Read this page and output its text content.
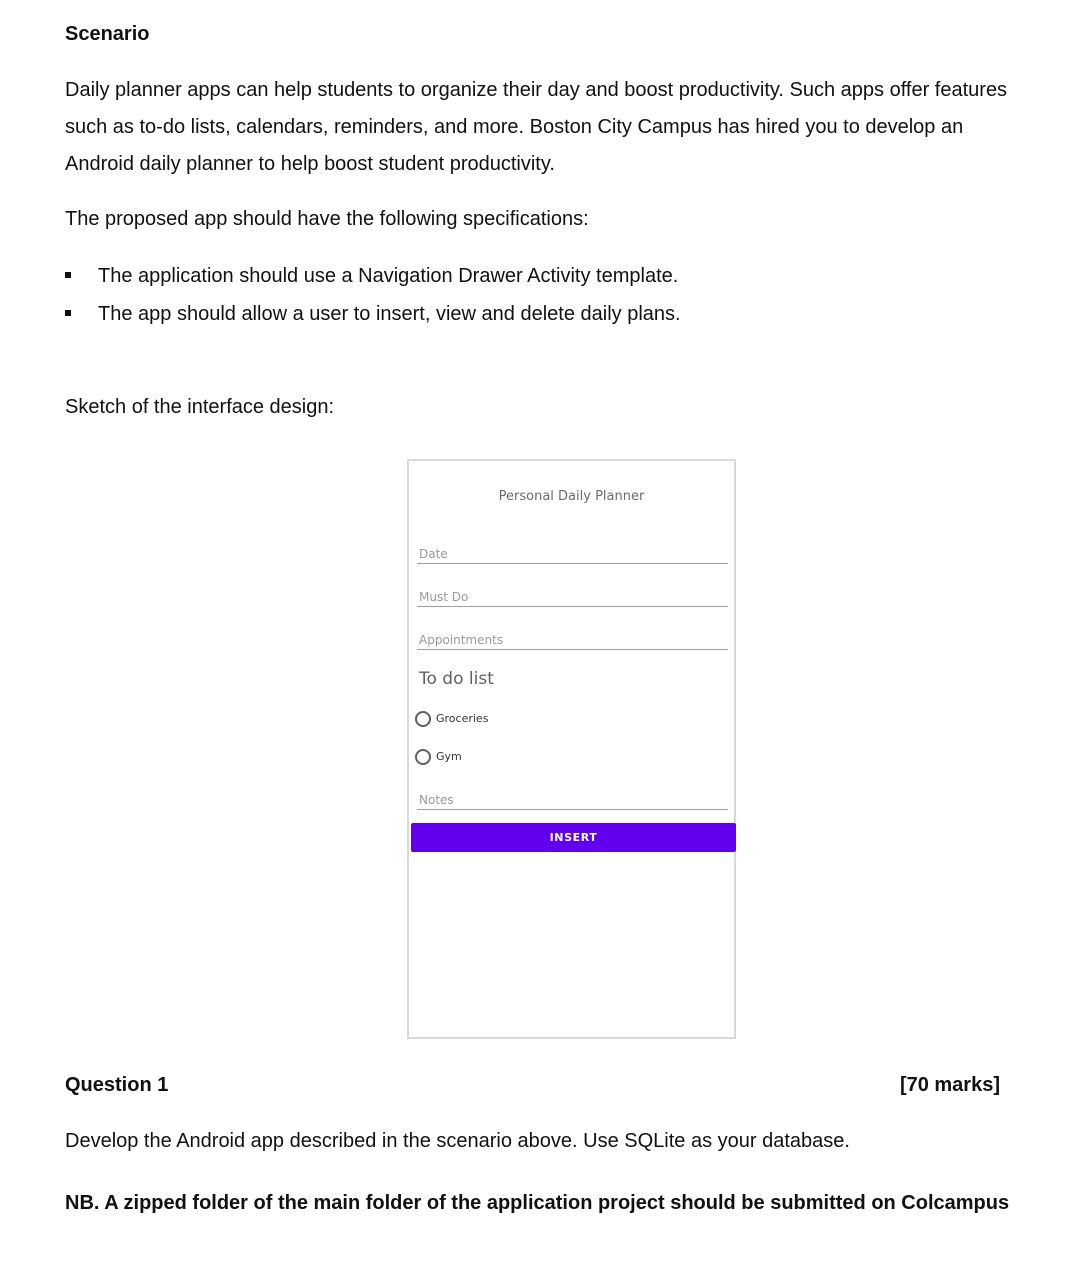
Scenario
Daily planner apps can help students to organize their day and boost productivity. Such apps offer features such as to-do lists, calendars, reminders, and more. Boston City Campus has hired you to develop an Android daily planner to help boost student productivity.
The proposed app should have the following specifications:
The application should use a Navigation Drawer Activity template.
The app should allow a user to insert, view and delete daily plans.
Sketch of the interface design:
Personal Daily Planner
Date
Must Do
Appointments
To do list
Groceries
Gym
Notes
INSERT
Question 1	[70 marks]
Develop the Android app described in the scenario above. Use SQLite as your database.
NB. A zipped folder of the main folder of the application project should be submitted on Colcampus
